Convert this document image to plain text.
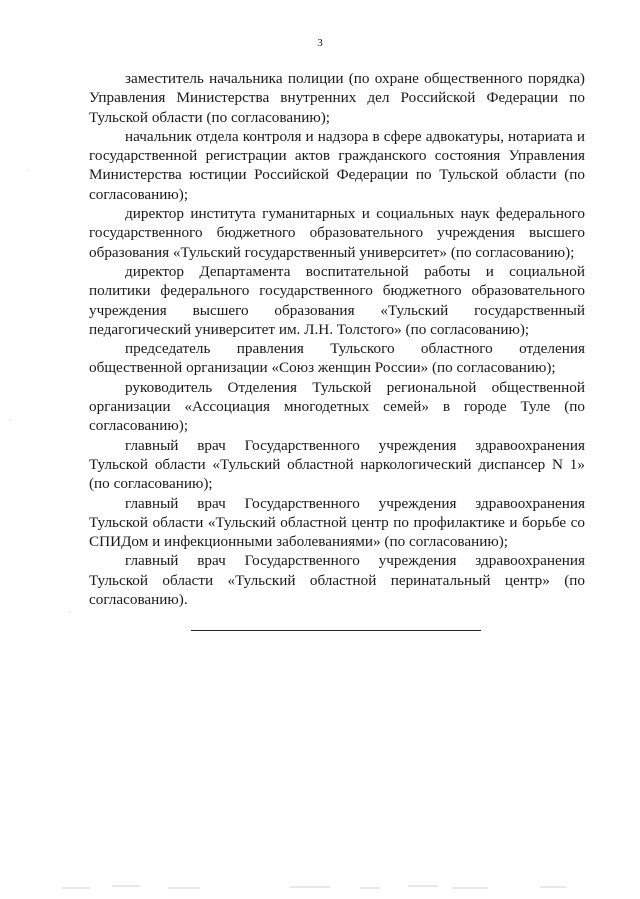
3

заместитель начальника полиции (по охране общественного порядка) Управления Министерства внутренних дел Российской Федерации по Тульской области (по согласованию);

начальник отдела контроля и надзора в сфере адвокатуры, нотариата и государственной регистрации актов гражданского состояния Управления Министерства юстиции Российской Федерации по Тульской области (по согласованию);

директор института гуманитарных и социальных наук федерального государственного бюджетного образовательного учреждения высшего образования «Тульский государственный университет» (по согласованию);

директор Департамента воспитательной работы и социальной политики федерального государственного бюджетного образовательного учреждения высшего образования «Тульский государственный педагогический университет им. Л.Н. Толстого» (по согласованию);

председатель правления Тульского областного отделения общественной организации «Союз женщин России» (по согласованию);

руководитель Отделения Тульской региональной общественной организации «Ассоциация многодетных семей» в городе Туле (по согласованию);

главный врач Государственного учреждения здравоохранения Тульской области «Тульский областной наркологический диспансер N 1» (по согласованию);

главный врач Государственного учреждения здравоохранения Тульской области «Тульский областной центр по профилактике и борьбе со СПИДом и инфекционными заболеваниями» (по согласованию);

главный врач Государственного учреждения здравоохранения Тульской области «Тульский областной перинатальный центр» (по согласованию).
